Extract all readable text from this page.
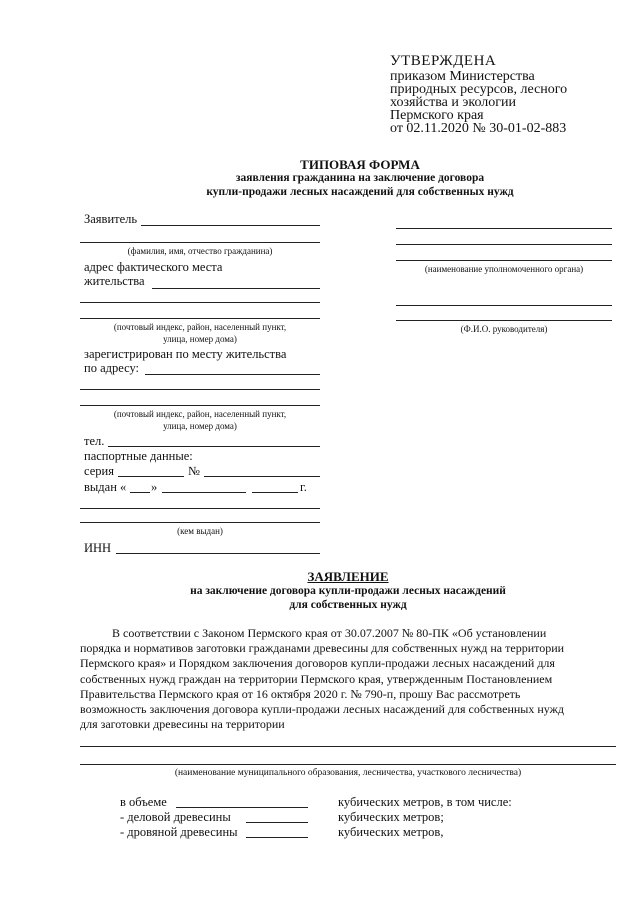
УТВЕРЖДЕНА
приказом Министерства
природных ресурсов, лесного
хозяйства и экологии
Пермского края
от 02.11.2020 № 30-01-02-883
ТИПОВАЯ ФОРМА
заявления гражданина на заключение договора
купли-продажи лесных насаждений для собственных нужд
Заявитель
(фамилия, имя, отчество гражданина)
адрес фактического места
жительства
(почтовый индекс, район, населенный пункт,
улица, номер дома)
зарегистрирован по месту жительства
по адресу:
(почтовый индекс, район, населенный пункт,
улица, номер дома)
тел.
паспортные данные:
серия	№
выдан « »	г.
(кем выдан)
ИНН
(наименование уполномоченного органа)
(Ф.И.О. руководителя)
ЗАЯВЛЕНИЕ
на заключение договора купли-продажи лесных насаждений
для собственных нужд

В соответствии с Законом Пермского края от 30.07.2007 № 80-ПК «Об установлении

порядка и нормативов заготовки гражданами древесины для собственных нужд на территории

Пермского края» и Порядком заключения договоров купли-продажи лесных насаждений для

собственных нужд граждан на территории Пермского края, утвержденным Постановлением

Правительства Пермского края от 16 октября 2020 г. № 790-п, прошу Вас рассмотреть

возможность заключения договора купли-продажи лесных насаждений для собственных нужд

для заготовки древесины на территории

(наименование муниципального образования, лесничества, участкового лесничества)
в объеме	кубических метров, в том числе:
- деловой древесины	кубических метров;
- дровяной древесины	кубических метров,
